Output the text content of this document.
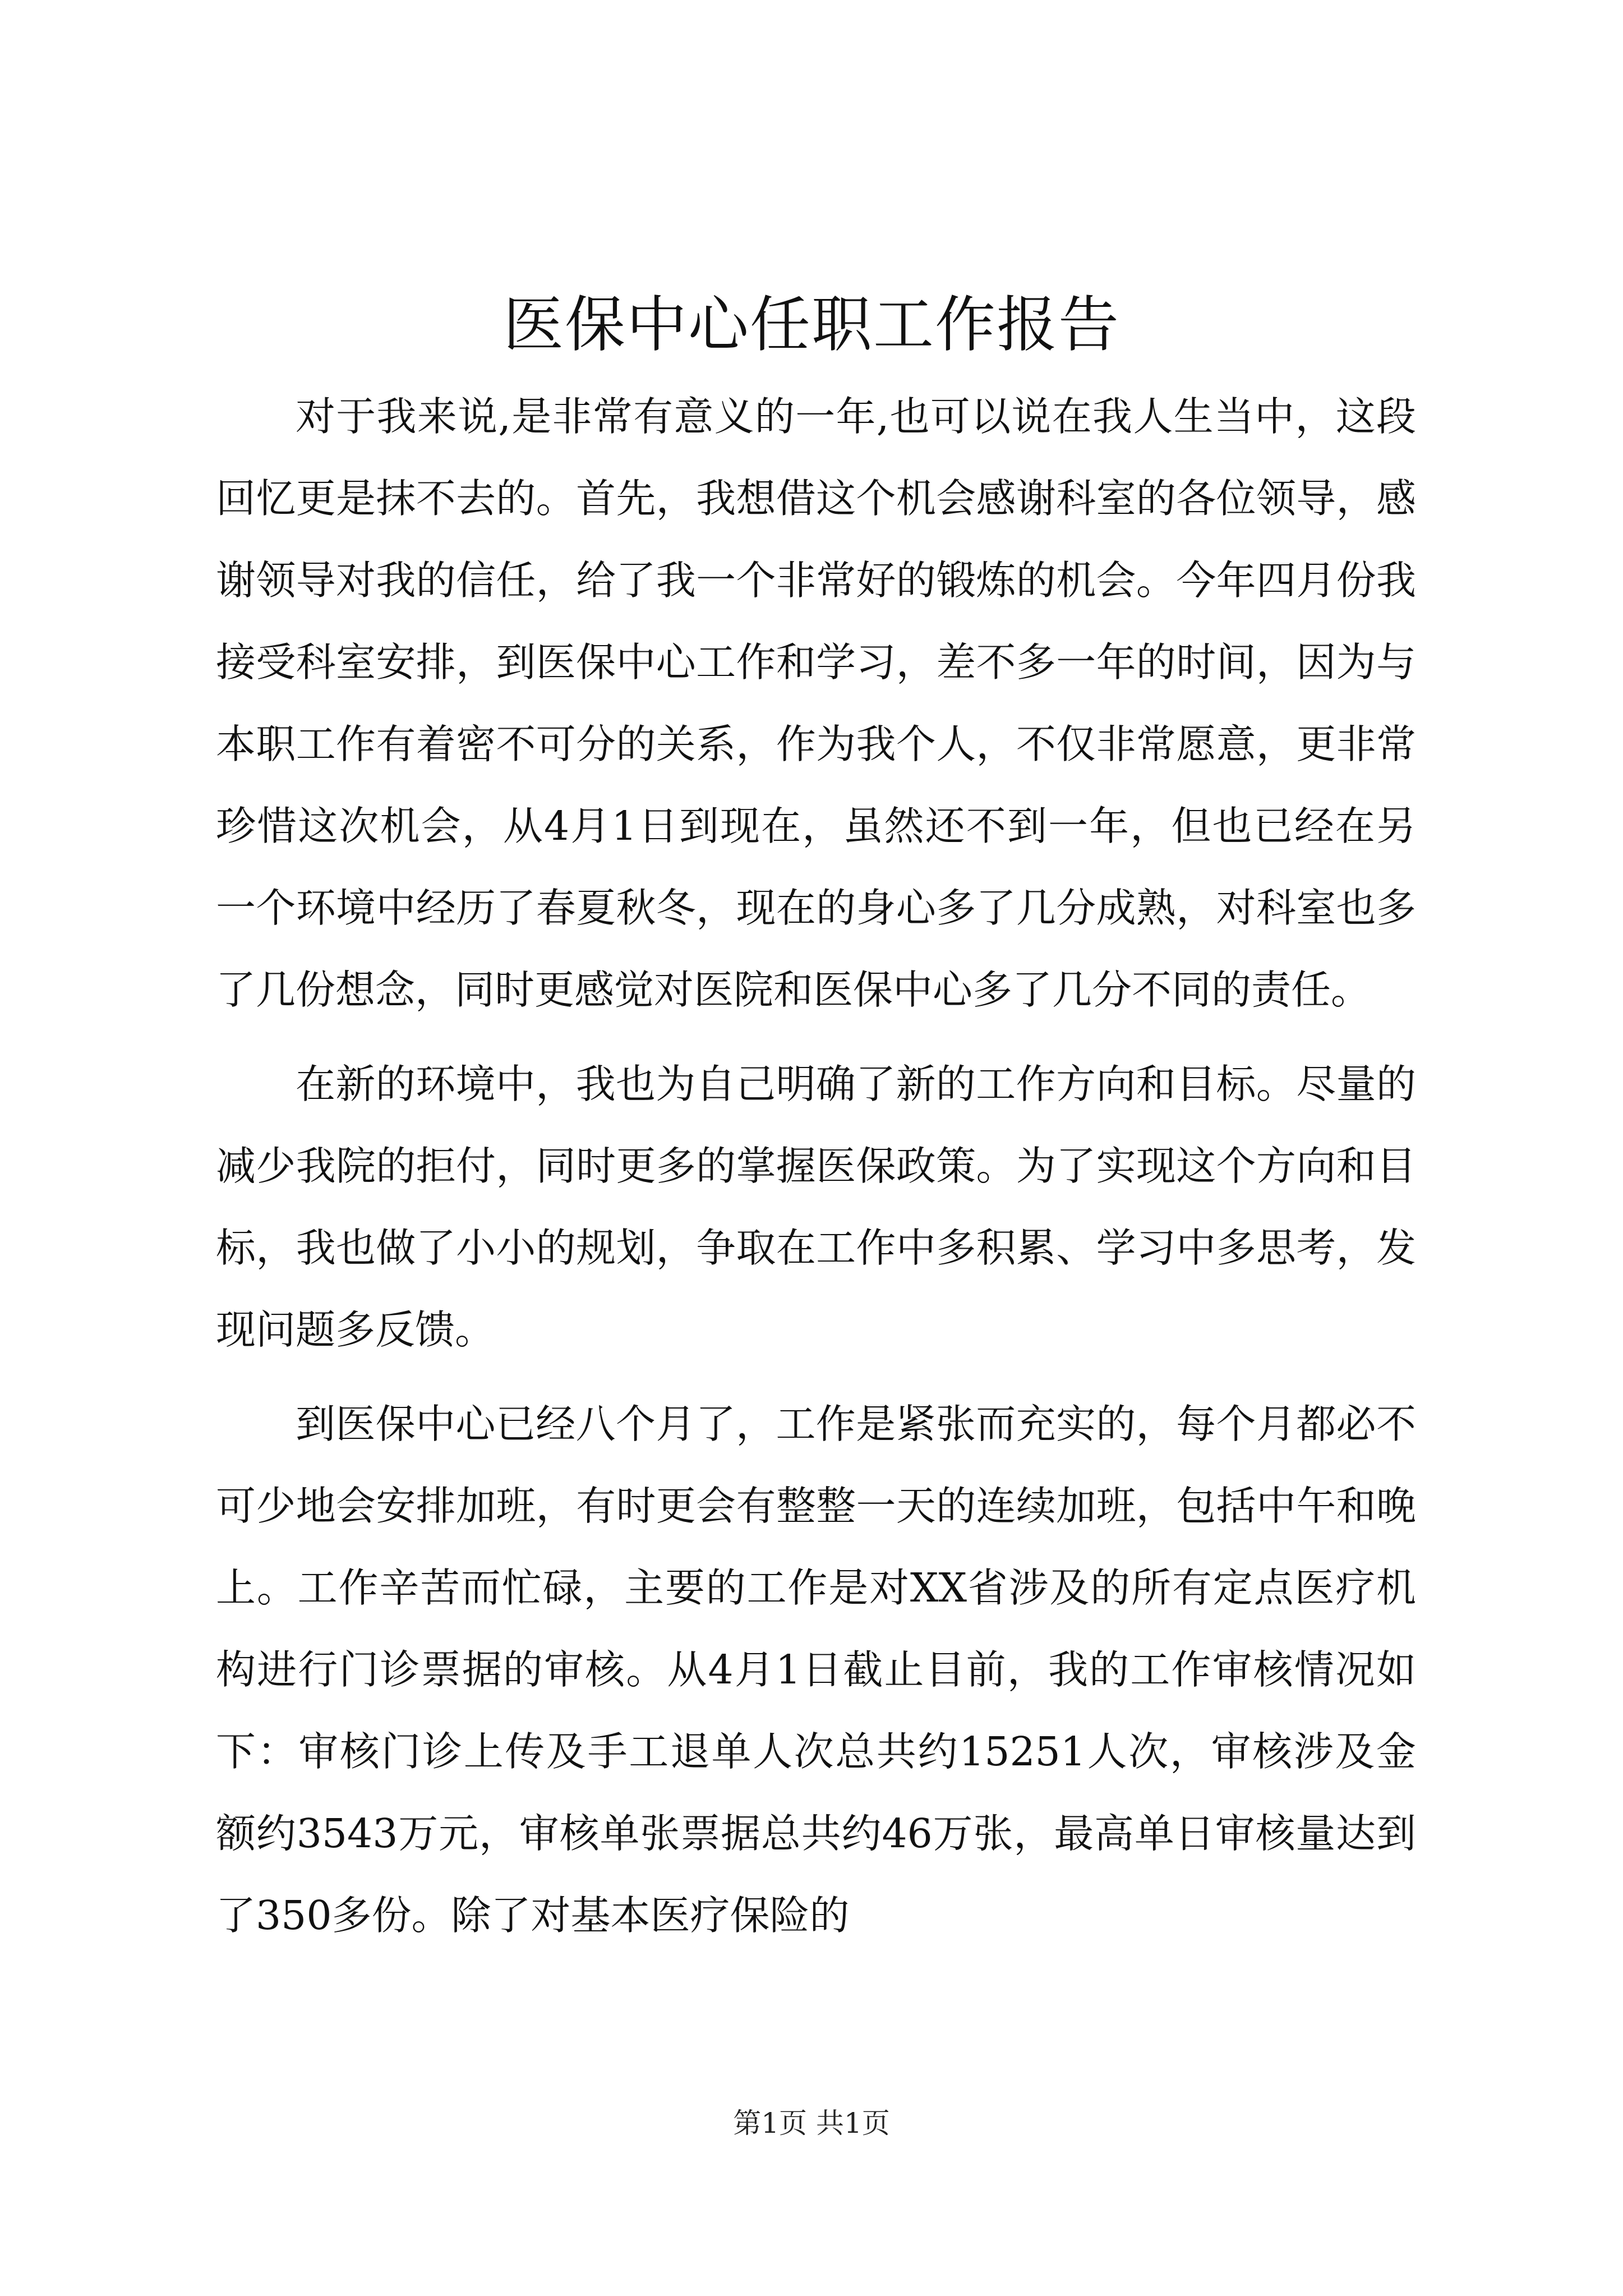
医保中心任职工作报告

对于我来说,是非常有意义的一年,也可以说在我人生当中，这段回忆更是抹不去的。首先，我想借这个机会感谢科室的各位领导，感谢领导对我的信任，给了我一个非常好的锻炼的机会。今年四月份我接受科室安排，到医保中心工作和学习，差不多一年的时间，因为与本职工作有着密不可分的关系，作为我个人，不仅非常愿意，更非常珍惜这次机会，从4月1日到现在，虽然还不到一年，但也已经在另一个环境中经历了春夏秋冬，现在的身心多了几分成熟，对科室也多了几份想念，同时更感觉对医院和医保中心多了几分不同的责任。

在新的环境中，我也为自己明确了新的工作方向和目标。尽量的减少我院的拒付，同时更多的掌握医保政策。为了实现这个方向和目标，我也做了小小的规划，争取在工作中多积累、学习中多思考，发现问题多反馈。

到医保中心已经八个月了，工作是紧张而充实的，每个月都必不可少地会安排加班，有时更会有整整一天的连续加班，包括中午和晚上。工作辛苦而忙碌，主要的工作是对XX省涉及的所有定点医疗机构进行门诊票据的审核。从4月1日截止目前，我的工作审核情况如下：审核门诊上传及手工退单人次总共约15251人次，审核涉及金额约3543万元，审核单张票据总共约46万张，最高单日审核量达到了350多份。除了对基本医疗保险的

第1页 共1页
